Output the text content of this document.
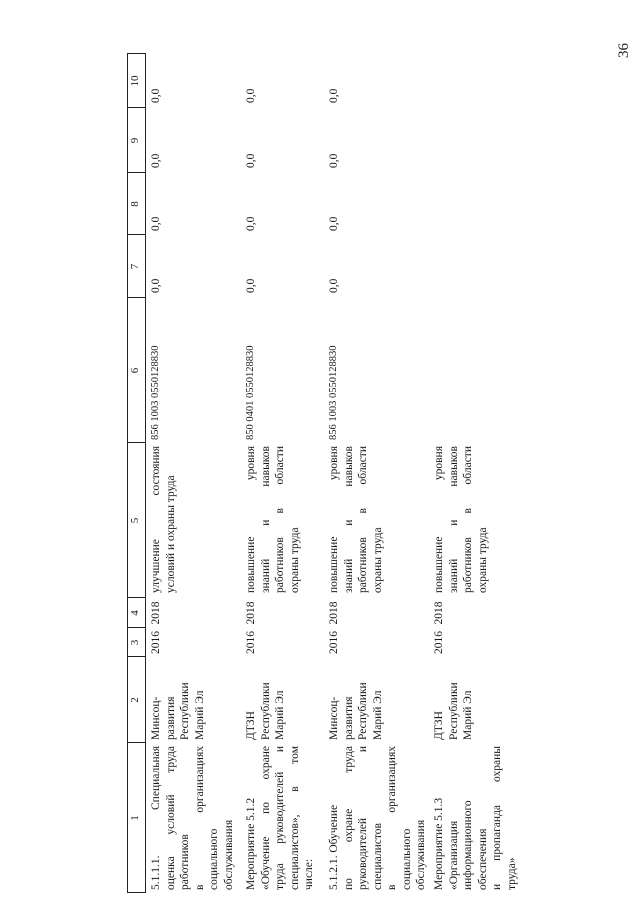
36
1
2
3
4
5
6
7
8
9
10
5.1.1.1. Специальная оценка условий труда работников в организациях социального обслуживания
Минсоц-
развития
Республики
Марий Эл
2016
2018
улучшение состояния условий и охраны труда
856 1003 0550128830
0,0
0,0
0,0
0,0
Мероприятие 5.1.2 «Обучение по охране труда руководителей и специалистов», в том числе:
ДТЗН
Республики
Марий Эл
2016
2018
повышение уровня знаний и навыков работников в области охраны труда
850 0401 0550128830
0,0
0,0
0,0
0,0
5.1.2.1. Обучение по охране труда руководителей и специалистов в организациях социального обслуживания
Минсоц-
развития
Республики
Марий Эл
2016
2018
повышение уровня знаний и навыков работников в области охраны труда
856 1003 0550128830
0,0
0,0
0,0
0,0
Мероприятие 5.1.3 «Организация информационного обеспечения и пропаганда охраны труда»
ДТЗН
Республики
Марий Эл
2016
2018
повышение уровня знаний и навыков работников в области охраны труда
